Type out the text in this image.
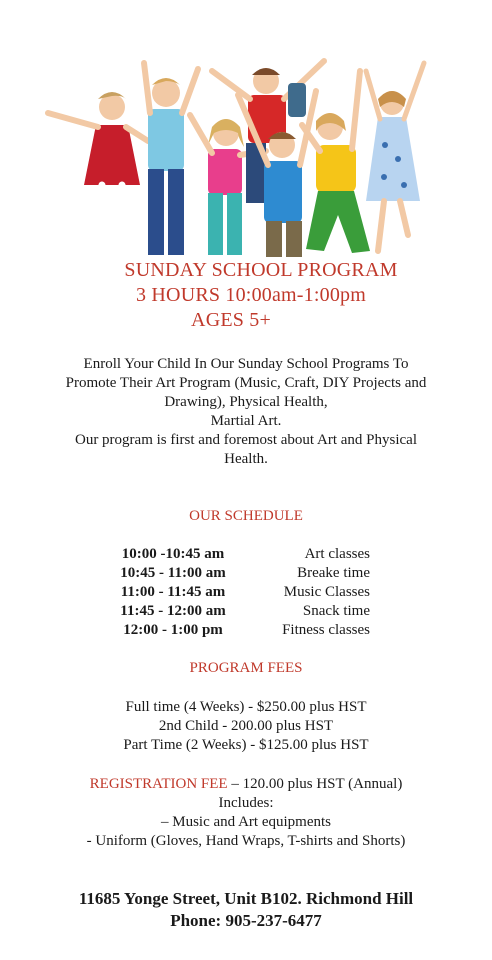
SUNDAY SCHOOL PROGRAM
3 HOURS 10:00am-1:00pm
AGES 5+
Enroll Your Child In Our Sunday School Programs To
Promote Their Art Program (Music, Craft, DIY Projects and
Drawing), Physical Health,
Martial Art.
Our program is first and foremost about Art and Physical
Health.
OUR SCHEDULE
10:00 -10:45 am	Art classes
10:45 - 11:00 am	Breake time
11:00 - 11:45 am	Music Classes
11:45 - 12:00 am	Snack time
12:00 - 1:00 pm	Fitness classes
PROGRAM FEES
Full time (4 Weeks) - $250.00 plus HST
2nd Child - 200.00 plus HST
Part Time (2 Weeks) - $125.00 plus HST
REGISTRATION FEE – 120.00 plus HST (Annual)
Includes:
– Music and Art equipments
- Uniform (Gloves, Hand Wraps, T-shirts and Shorts)
11685 Yonge Street, Unit B102. Richmond Hill
Phone: 905-237-6477
